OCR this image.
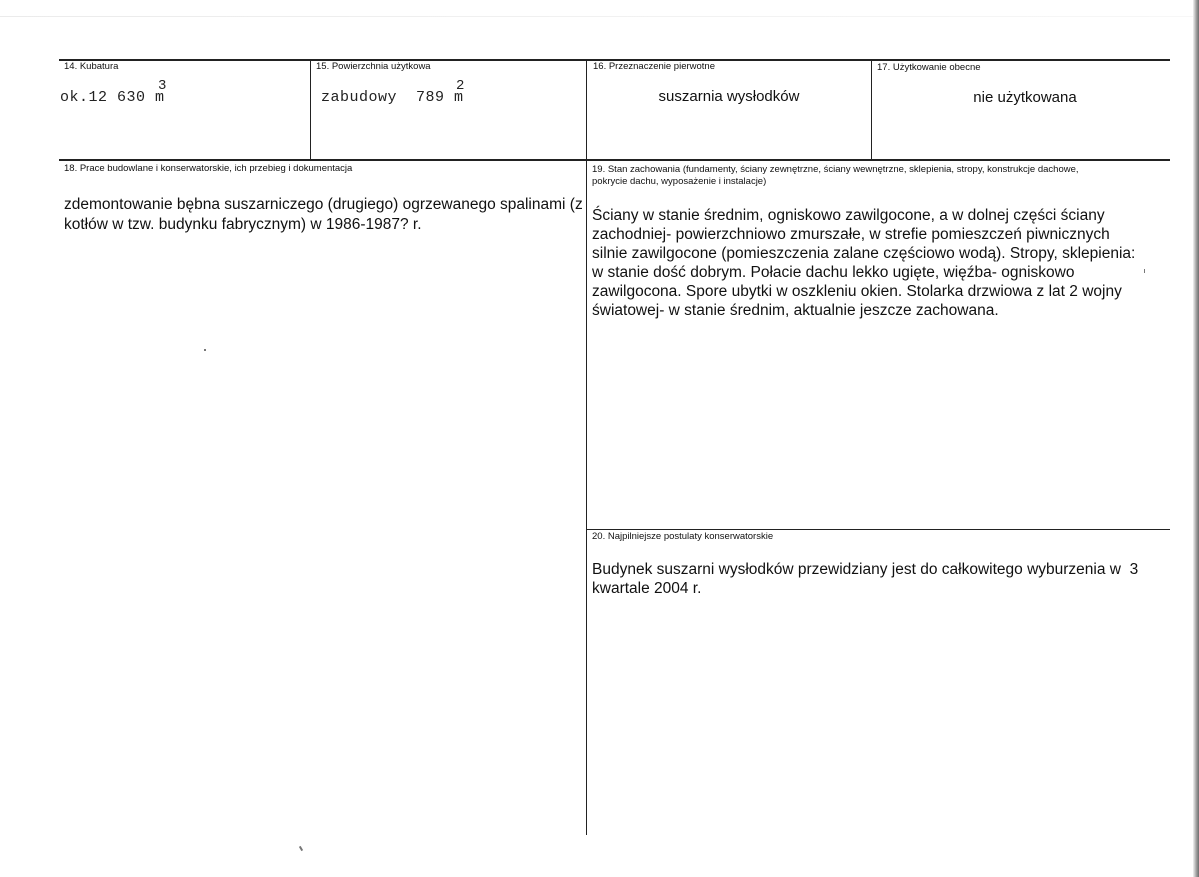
14. Kubatura
ok.12 630 m
3
15. Powierzchnia użytkowa
zabudowy  789 m
2
16. Przeznaczenie pierwotne
suszarnia wysłodków
17. Użytkowanie obecne
nie użytkowana
18. Prace budowlane i konserwatorskie, ich przebieg i dokumentacja
zdemontowanie bębna suszarniczego (drugiego) ogrzewanego spalinami (z kotłów w tzw. budynku fabrycznym) w 1986-1987? r.
19. Stan zachowania (fundamenty, ściany zewnętrzne, ściany wewnętrzne, sklepienia, stropy, konstrukcje dachowe, pokrycie dachu, wyposażenie i instalacje)
Ściany w stanie średnim, ogniskowo zawilgocone, a w dolnej części ściany zachodniej- powierzchniowo zmurszałe, w strefie pomieszczeń piwnicznych silnie zawilgocone (pomieszczenia zalane częściowo wodą). Stropy, sklepienia: w stanie dość dobrym. Połacie dachu lekko ugięte, więźba- ogniskowo zawilgocona. Spore ubytki w oszkleniu okien. Stolarka drzwiowa z lat 2 wojny światowej- w stanie średnim, aktualnie jeszcze zachowana.
20. Najpilniejsze postulaty konserwatorskie
Budynek suszarni wysłodków przewidziany jest do całkowitego wyburzenia w  3 kwartale 2004 r.
